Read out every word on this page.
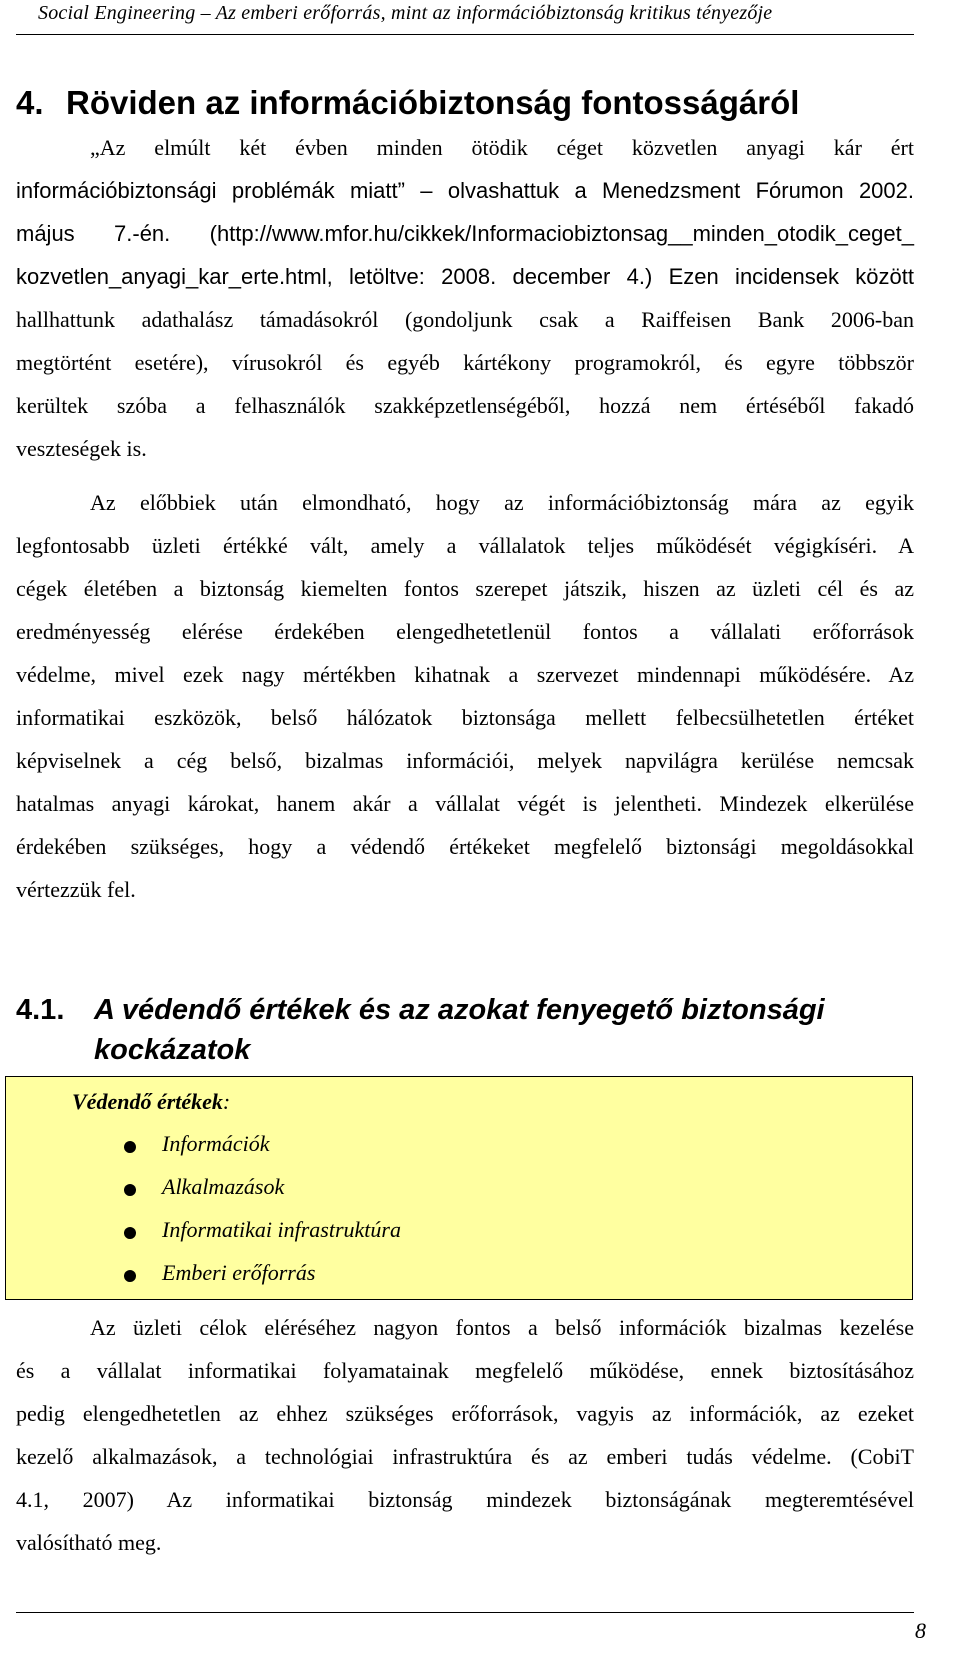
Social Engineering – Az emberi erőforrás, mint az információbiztonság kritikus tényezője
4. Röviden az információbiztonság fontosságáról
„Az elmúlt két évben minden ötödik céget közvetlen anyagi kár ért
információbiztonsági problémák miatt” – olvashattuk a Menedzsment Fórumon 2002.
május 7.-én. (http://www.mfor.hu/cikkek/Informaciobiztonsag__minden_otodik_ceget_
kozvetlen_anyagi_kar_erte.html, letöltve: 2008. december 4.) Ezen incidensek között
hallhattunk adathalász támadásokról (gondoljunk csak a Raiffeisen Bank 2006-ban
megtörtént esetére), vírusokról és egyéb kártékony programokról, és egyre többször
kerültek szóba a felhasználók szakképzetlenségéből, hozzá nem értéséből fakadó
veszteségek is.
Az előbbiek után elmondható, hogy az információbiztonság mára az egyik
legfontosabb üzleti értékké vált, amely a vállalatok teljes működését végigkíséri. A
cégek életében a biztonság kiemelten fontos szerepet játszik, hiszen az üzleti cél és az
eredményesség elérése érdekében elengedhetetlenül fontos a vállalati erőforrások
védelme, mivel ezek nagy mértékben kihatnak a szervezet mindennapi működésére. Az
informatikai eszközök, belső hálózatok biztonsága mellett felbecsülhetetlen értéket
képviselnek a cég belső, bizalmas információi, melyek napvilágra kerülése nemcsak
hatalmas anyagi károkat, hanem akár a vállalat végét is jelentheti. Mindezek elkerülése
érdekében szükséges, hogy a védendő értékeket megfelelő biztonsági megoldásokkal
vértezzük fel.
4.1. A védendő értékek és az azokat fenyegető biztonsági
kockázatok
Védendő értékek:
Információk
Alkalmazások
Informatikai infrastruktúra
Emberi erőforrás
Az üzleti célok eléréséhez nagyon fontos a belső információk bizalmas kezelése
és a vállalat informatikai folyamatainak megfelelő működése, ennek biztosításához
pedig elengedhetetlen az ehhez szükséges erőforrások, vagyis az információk, az ezeket
kezelő alkalmazások, a technológiai infrastruktúra és az emberi tudás védelme. (CobiT
4.1, 2007) Az informatikai biztonság mindezek biztonságának megteremtésével
valósítható meg.
8
